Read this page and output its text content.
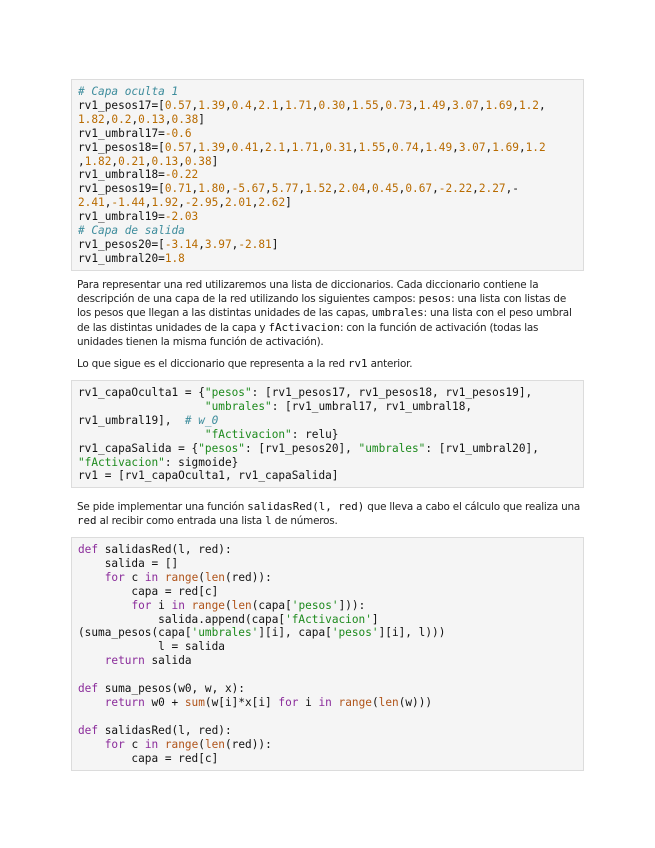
# Capa oculta 1
rv1_pesos17=[0.57,1.39,0.4,2.1,1.71,0.30,1.55,0.73,1.49,3.07,1.69,1.2,
1.82,0.2,0.13,0.38]
rv1_umbral17=-0.6
rv1_pesos18=[0.57,1.39,0.41,2.1,1.71,0.31,1.55,0.74,1.49,3.07,1.69,1.2
,1.82,0.21,0.13,0.38]
rv1_umbral18=-0.22
rv1_pesos19=[0.71,1.80,-5.67,5.77,1.52,2.04,0.45,0.67,-2.22,2.27,-
2.41,-1.44,1.92,-2.95,2.01,2.62]
rv1_umbral19=-2.03
# Capa de salida
rv1_pesos20=[-3.14,3.97,-2.81]
rv1_umbral20=1.8
Para representar una red utilizaremos una lista de diccionarios. Cada diccionario contiene la descripción de una capa de la red utilizando los siguientes campos: pesos: una lista con listas de los pesos que llegan a las distintas unidades de las capas, umbrales: una lista con el peso umbral de las distintas unidades de la capa y fActivacion: con la función de activación (todas las unidades tienen la misma función de activación).
Lo que sigue es el diccionario que representa a la red rv1 anterior.
rv1_capaOculta1 = {"pesos": [rv1_pesos17, rv1_pesos18, rv1_pesos19],
"umbrales": [rv1_umbral17, rv1_umbral18,
rv1_umbral19],  # w_0
"fActivacion": relu}
rv1_capaSalida = {"pesos": [rv1_pesos20], "umbrales": [rv1_umbral20],
"fActivacion": sigmoide}
rv1 = [rv1_capaOculta1, rv1_capaSalida]
Se pide implementar una función salidasRed(l, red) que lleva a cabo el cálculo que realiza una red al recibir como entrada una lista l de números.
def salidasRed(l, red):
salida = []
for c in range(len(red)):
capa = red[c]
for i in range(len(capa['pesos'])):
salida.append(capa['fActivacion']
(suma_pesos(capa['umbrales'][i], capa['pesos'][i], l)))
l = salida
return salida

def suma_pesos(w0, w, x):
return w0 + sum(w[i]*x[i] for i in range(len(w)))

def salidasRed(l, red):
for c in range(len(red)):
capa = red[c]
